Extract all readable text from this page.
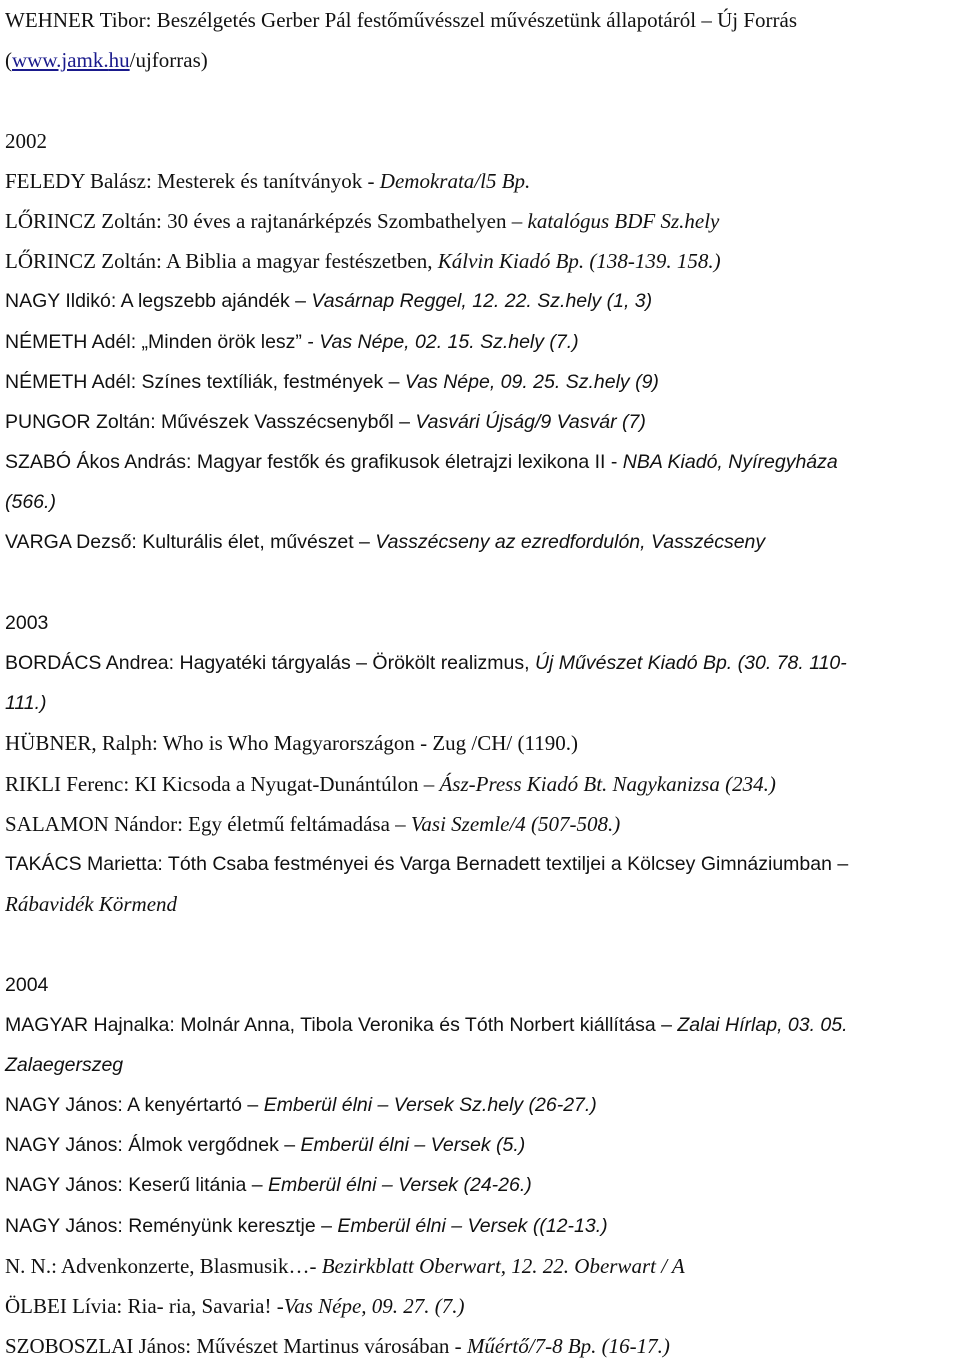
WEHNER Tibor: Beszélgetés Gerber Pál festőművésszel művészetünk állapotáról – Új Forrás
(www.jamk.hu/ujforras)
2002
FELEDY Balász: Mesterek és tanítványok - Demokrata/l5 Bp.
LŐRINCZ Zoltán: 30 éves a rajtanárképzés Szombathelyen – katalógus BDF Sz.hely
LŐRINCZ Zoltán: A Biblia a magyar festészetben, Kálvin Kiadó Bp. (138-139. 158.)
NAGY Ildikó: A legszebb ajándék – Vasárnap Reggel, 12. 22. Sz.hely (1, 3)
NÉMETH Adél: „Minden örök lesz” - Vas Népe, 02. 15. Sz.hely (7.)
NÉMETH Adél: Színes textíliák, festmények – Vas Népe, 09. 25. Sz.hely (9)
PUNGOR Zoltán: Művészek Vasszécsenyből – Vasvári Újság/9 Vasvár (7)
SZABÓ Ákos András: Magyar festők és grafikusok életrajzi lexikona II - NBA Kiadó, Nyíregyháza
(566.)
VARGA Dezső: Kulturális élet, művészet – Vasszécseny az ezredfordulón, Vasszécseny
2003
BORDÁCS Andrea: Hagyatéki tárgyalás – Örökölt realizmus, Új Művészet Kiadó Bp. (30. 78. 110-
111.)
HÜBNER, Ralph: Who is Who Magyarországon - Zug /CH/ (1190.)
RIKLI Ferenc: KI Kicsoda a Nyugat-Dunántúlon – Ász-Press Kiadó Bt. Nagykanizsa (234.)
SALAMON Nándor: Egy életmű feltámadása – Vasi Szemle/4 (507-508.)
TAKÁCS Marietta: Tóth Csaba festményei és Varga Bernadett textiljei a Kölcsey Gimnáziumban –
Rábavidék Körmend
2004
MAGYAR Hajnalka: Molnár Anna, Tibola Veronika és Tóth Norbert kiállítása – Zalai Hírlap, 03. 05.
Zalaegerszeg
NAGY János: A kenyértartó – Emberül élni – Versek Sz.hely (26-27.)
NAGY János: Álmok vergődnek – Emberül élni – Versek (5.)
NAGY János: Keserű litánia – Emberül élni – Versek (24-26.)
NAGY János: Reményünk keresztje – Emberül élni – Versek ((12-13.)
N. N.: Advenkonzerte, Blasmusik…- Bezirkblatt Oberwart, 12. 22. Oberwart / A
ÖLBEI Lívia: Ria- ria, Savaria! -Vas Népe, 09. 27. (7.)
SZOBOSZLAI János: Művészet Martinus városában - Műértő/7-8 Bp. (16-17.)
